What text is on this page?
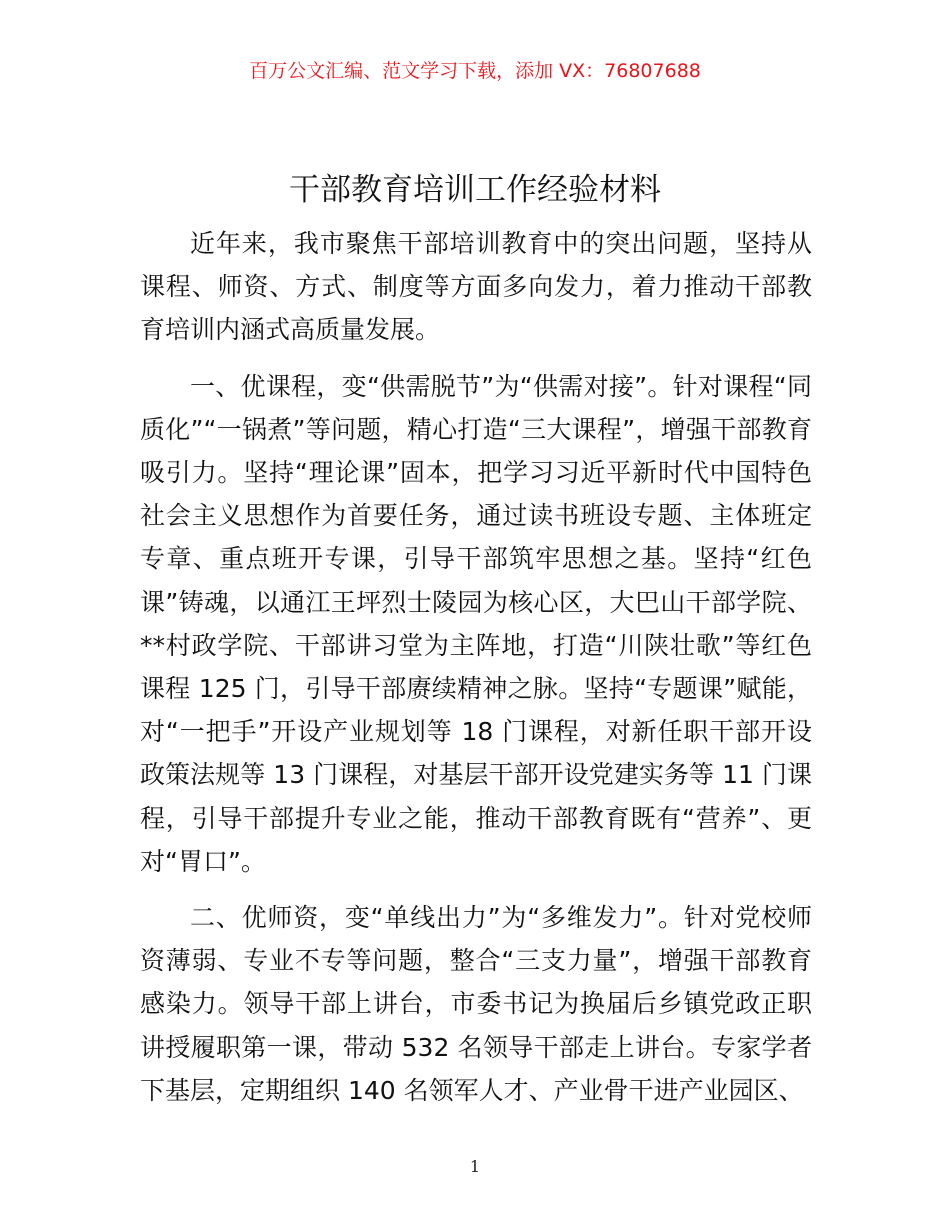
百万公文汇编、范文学习下载，添加 VX：76807688
干部教育培训工作经验材料

近年来，我市聚焦干部培训教育中的突出问题，坚持从课程、师资、方式、制度等方面多向发力，着力推动干部教育培训内涵式高质量发展。

一、优课程，变“供需脱节”为“供需对接”。针对课程“同质化”“一锅煮”等问题，精心打造“三大课程”，增强干部教育吸引力。坚持“理论课”固本，把学习习近平新时代中国特色社会主义思想作为首要任务，通过读书班设专题、主体班定专章、重点班开专课，引导干部筑牢思想之基。坚持“红色课”铸魂，以通江王坪烈士陵园为核心区，大巴山干部学院、**村政学院、干部讲习堂为主阵地，打造“川陕壮歌”等红色课程 125 门，引导干部赓续精神之脉。坚持“专题课”赋能，对“一把手”开设产业规划等 18 门课程，对新任职干部开设政策法规等 13 门课程，对基层干部开设党建实务等 11 门课程，引导干部提升专业之能，推动干部教育既有“营养”、更对“胃口”。

二、优师资，变“单线出力”为“多维发力”。针对党校师资薄弱、专业不专等问题，整合“三支力量”，增强干部教育感染力。领导干部上讲台，市委书记为换届后乡镇党政正职讲授履职第一课，带动 532 名领导干部走上讲台。专家学者下基层，定期组织 140 名领军人才、产业骨干进产业园区、

1
